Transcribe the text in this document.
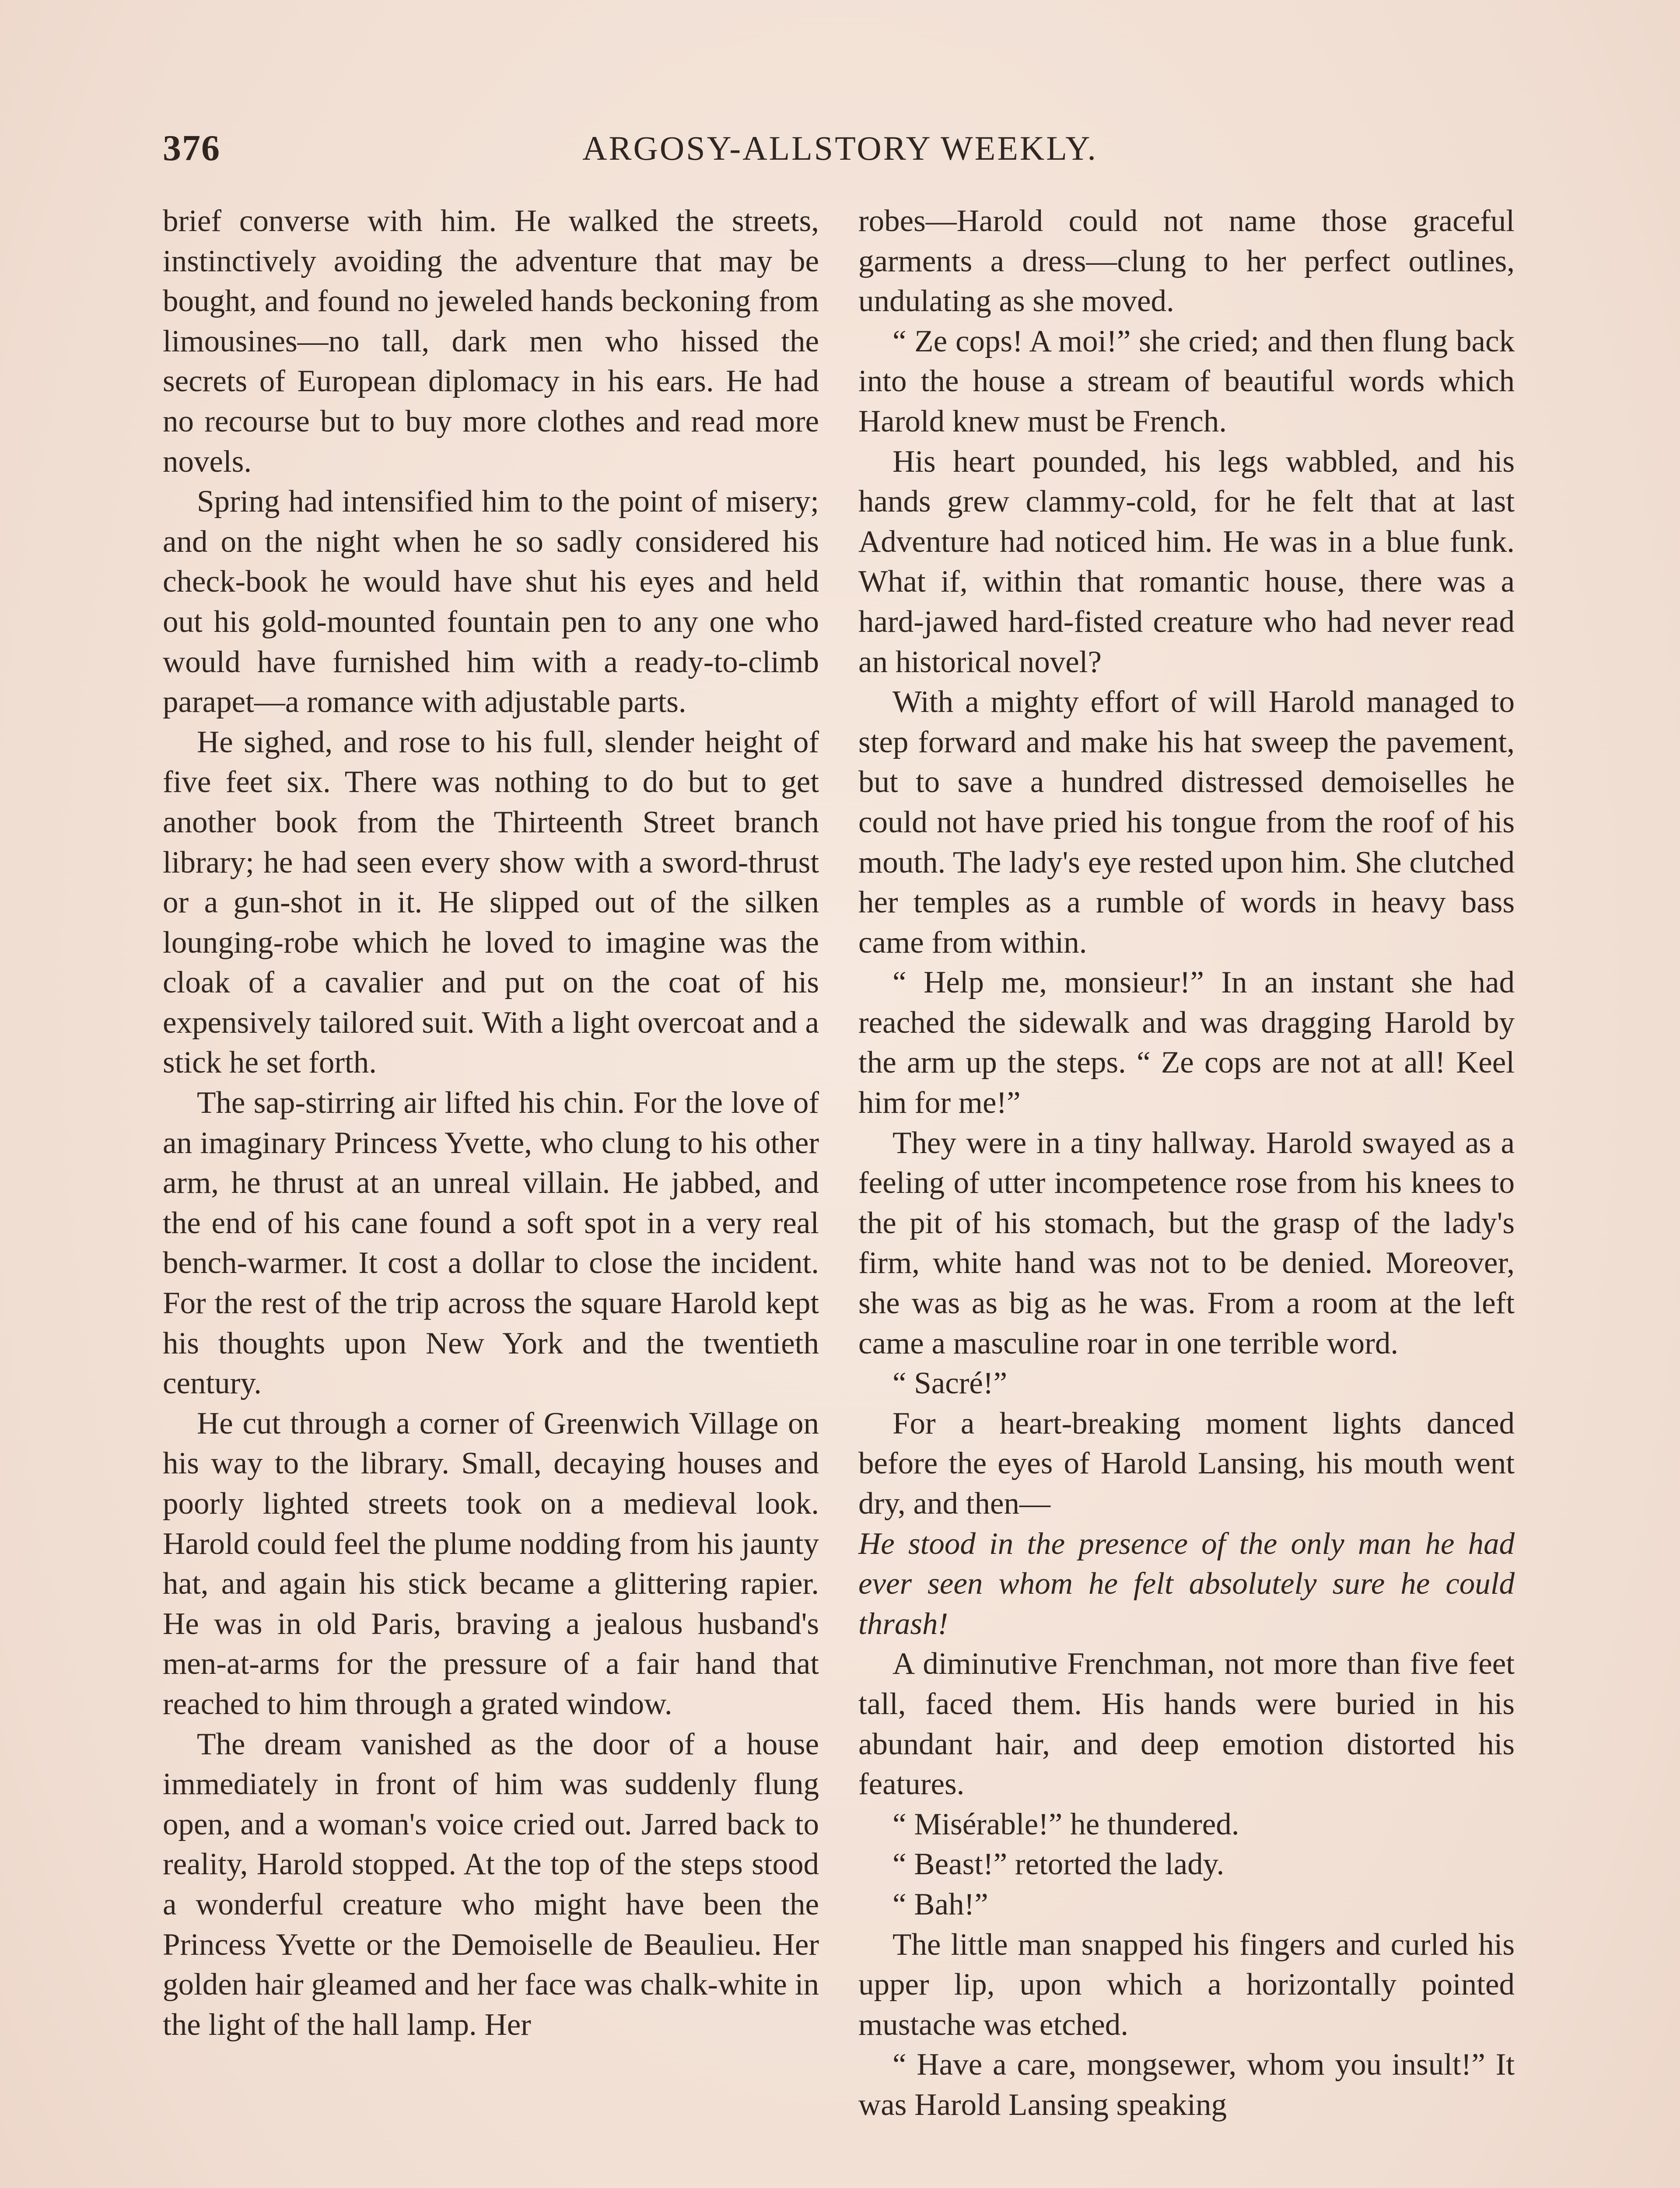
376	ARGOSY-ALLSTORY WEEKLY.

brief converse with him. He walked the streets, instinctively avoiding the adventure that may be bought, and found no jeweled hands beckoning from limousines—no tall, dark men who hissed the secrets of European diplomacy in his ears. He had no recourse but to buy more clothes and read more novels.

Spring had intensified him to the point of misery; and on the night when he so sadly considered his check-book he would have shut his eyes and held out his gold-mounted fountain pen to any one who would have furnished him with a ready-to-climb parapet—a romance with adjustable parts.

He sighed, and rose to his full, slender height of five feet six. There was nothing to do but to get another book from the Thirteenth Street branch library; he had seen every show with a sword-thrust or a gun-shot in it. He slipped out of the silken lounging-robe which he loved to imagine was the cloak of a cavalier and put on the coat of his expensively tailored suit. With a light overcoat and a stick he set forth.

The sap-stirring air lifted his chin. For the love of an imaginary Princess Yvette, who clung to his other arm, he thrust at an unreal villain. He jabbed, and the end of his cane found a soft spot in a very real bench-warmer. It cost a dollar to close the incident. For the rest of the trip across the square Harold kept his thoughts upon New York and the twentieth century.

He cut through a corner of Greenwich Village on his way to the library. Small, decaying houses and poorly lighted streets took on a medieval look. Harold could feel the plume nodding from his jaunty hat, and again his stick became a glittering rapier. He was in old Paris, braving a jealous husband's men-at-arms for the pressure of a fair hand that reached to him through a grated window.

The dream vanished as the door of a house immediately in front of him was suddenly flung open, and a woman's voice cried out. Jarred back to reality, Harold stopped. At the top of the steps stood a wonderful creature who might have been the Princess Yvette or the Demoiselle de Beaulieu. Her golden hair gleamed and her face was chalk-white in the light of the hall lamp. Her

robes—Harold could not name those graceful garments a dress—clung to her perfect outlines, undulating as she moved.

“ Ze cops! A moi!” she cried; and then flung back into the house a stream of beautiful words which Harold knew must be French.

His heart pounded, his legs wabbled, and his hands grew clammy-cold, for he felt that at last Adventure had noticed him. He was in a blue funk. What if, within that romantic house, there was a hard-jawed hard-fisted creature who had never read an historical novel?

With a mighty effort of will Harold managed to step forward and make his hat sweep the pavement, but to save a hundred distressed demoiselles he could not have pried his tongue from the roof of his mouth. The lady's eye rested upon him. She clutched her temples as a rumble of words in heavy bass came from within.

“ Help me, monsieur!” In an instant she had reached the sidewalk and was dragging Harold by the arm up the steps. “ Ze cops are not at all! Keel him for me!”

They were in a tiny hallway. Harold swayed as a feeling of utter incompetence rose from his knees to the pit of his stomach, but the grasp of the lady's firm, white hand was not to be denied. Moreover, she was as big as he was. From a room at the left came a masculine roar in one terrible word.

“ Sacré!”

For a heart-breaking moment lights danced before the eyes of Harold Lansing, his mouth went dry, and then—

He stood in the presence of the only man he had ever seen whom he felt absolutely sure he could thrash!

A diminutive Frenchman, not more than five feet tall, faced them. His hands were buried in his abundant hair, and deep emotion distorted his features.

“ Misérable!” he thundered.

“ Beast!” retorted the lady.

“ Bah!”

The little man snapped his fingers and curled his upper lip, upon which a horizontally pointed mustache was etched.

“ Have a care, mongsewer, whom you insult!” It was Harold Lansing speaking
